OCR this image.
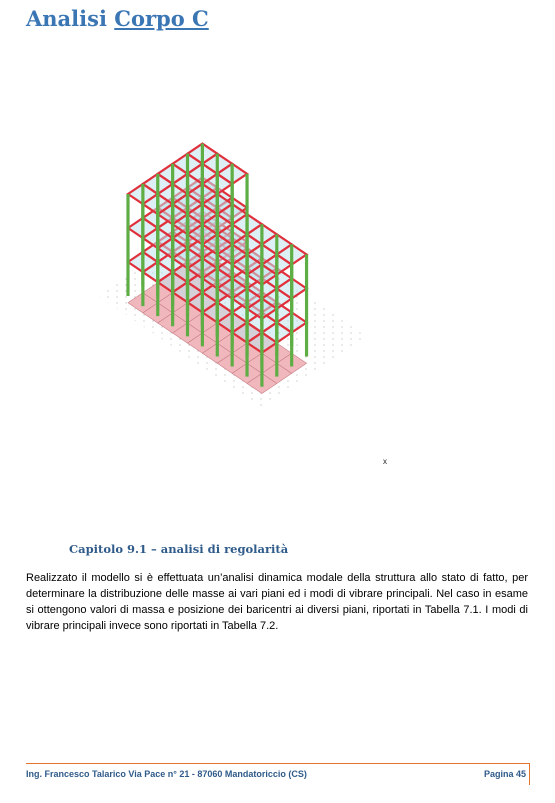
Analisi Corpo C
x
Capitolo 9.1 – analisi di regolarità

Realizzato il modello si è effettuata un’analisi dinamica modale della struttura allo stato di fatto, per determinare la distribuzione delle masse ai vari piani ed i modi di vibrare principali. Nel caso in esame si ottengono valori di massa e posizione dei baricentri ai diversi piani, riportati in Tabella 7.1. I modi di vibrare principali invece sono riportati in Tabella 7.2.

Ing. Francesco Talarico Via Pace n° 21 - 87060 Mandatoriccio (CS)	Pagina 45
